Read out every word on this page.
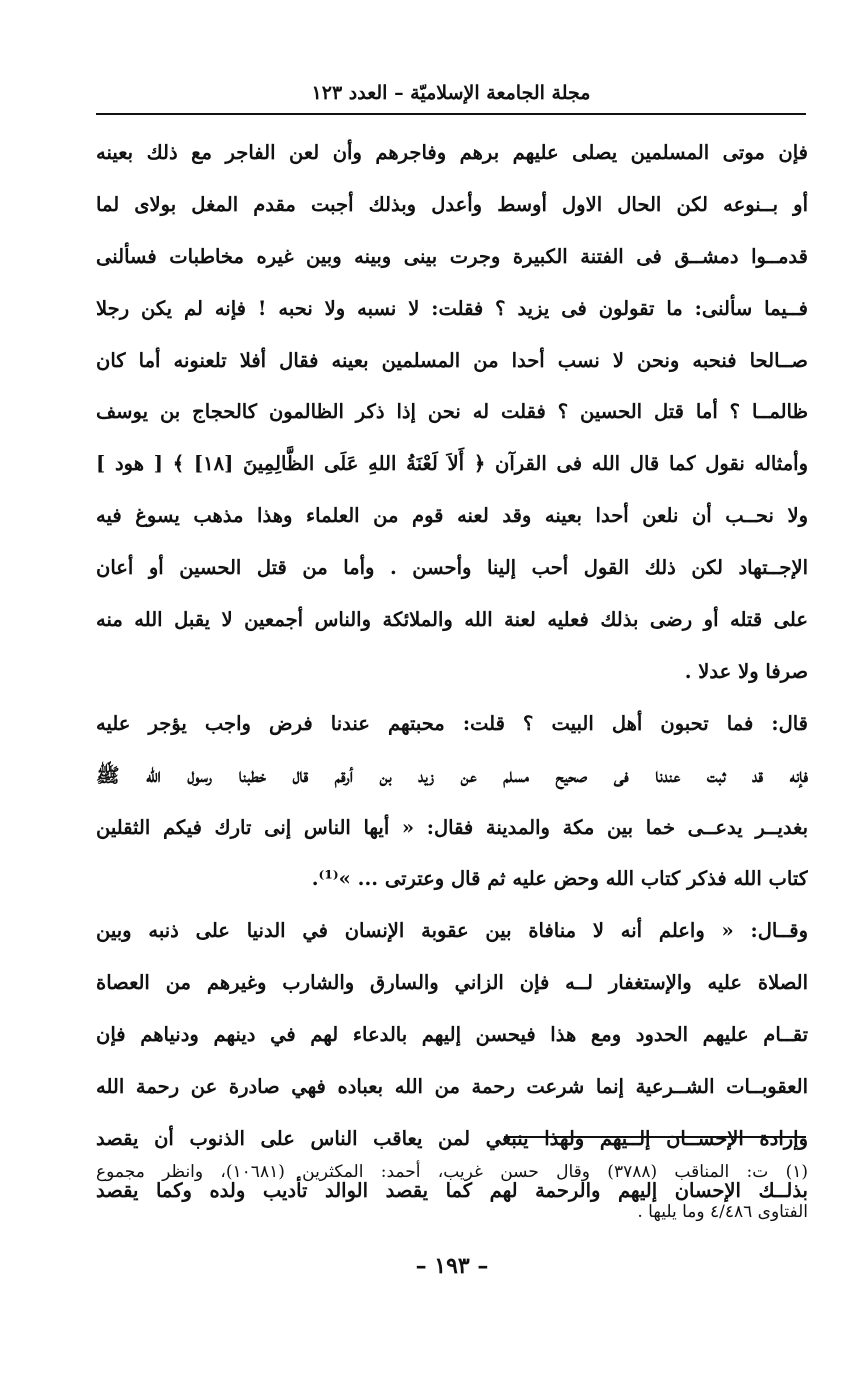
مجلة الجامعة الإسلاميّة – العدد ١٢٣
فإن موتى المسلمين يصلى عليهم برهم وفاجرهم وأن لعن الفاجر مع ذلك بعينه
أو بــنوعه لكن الحال الاول أوسط وأعدل وبذلك أجبت مقدم المغل بولاى لما
قدمــوا دمشــق فى الفتنة الكبيرة وجرت بينى وبينه وبين غيره مخاطبات فسألنى
فــيما سألنى: ما تقولون فى يزيد ؟ فقلت: لا نسبه ولا نحبه ! فإنه لم يكن رجلا
صــالحا فنحبه ونحن لا نسب أحدا من المسلمين بعينه فقال أفلا تلعنونه أما كان
ظالمــا ؟ أما قتل الحسين ؟ فقلت له نحن إذا ذكر الظالمون كالحجاج بن يوسف
وأمثاله نقول كما قال الله فى القرآن ﴿ أَلاَ لَعْنَةُ اللهِ عَلَى الظَّالِمِينَ [١٨] ﴾ [ هود ]
ولا نحــب أن نلعن أحدا بعينه وقد لعنه قوم من العلماء وهذا مذهب يسوغ فيه
الإجــتهاد لكن ذلك القول أحب إلينا وأحسن . وأما من قتل الحسين أو أعان
على قتله أو رضى بذلك فعليه لعنة الله والملائكة والناس أجمعين لا يقبل الله منه
صرفا ولا عدلا .
قال: فما تحبون أهل البيت ؟ قلت: محبتهم عندنا فرض واجب يؤجر عليه
فإنه قد ثبت عندنا فى صحيح مسلم عن زيد بن أرقم قال خطبنا رسول الله ﷺ
بغديــر يدعــى خما بين مكة والمدينة فقال: « أيها الناس إنى تارك فيكم الثقلين
كتاب الله فذكر كتاب الله وحض عليه ثم قال وعترتى ... »⁽¹⁾.
وقــال: « واعلم أنه لا منافاة بين عقوبة الإنسان في الدنيا على ذنبه وبين
الصلاة عليه والإستغفار لــه فإن الزاني والسارق والشارب وغيرهم من العصاة
تقــام عليهم الحدود ومع هذا فيحسن إليهم بالدعاء لهم في دينهم ودنياهم فإن
العقوبــات الشــرعية إنما شرعت رحمة من الله بعباده فهي صادرة عن رحمة الله
وإرادة الإحســان إلــيهم ولهذا ينبغي لمن يعاقب الناس على الذنوب أن يقصد
بذلــك الإحسان إليهم والرحمة لهم كما يقصد الوالد تأديب ولده وكما يقصد
(١) ت: المناقب (٣٧٨٨) وقال حسن غريب، أحمد: المكثرين (١٠٦٨١)، وانظر مجموع
الفتاوى ٤/٤٨٦ وما يليها .
– ١٩٣ –
